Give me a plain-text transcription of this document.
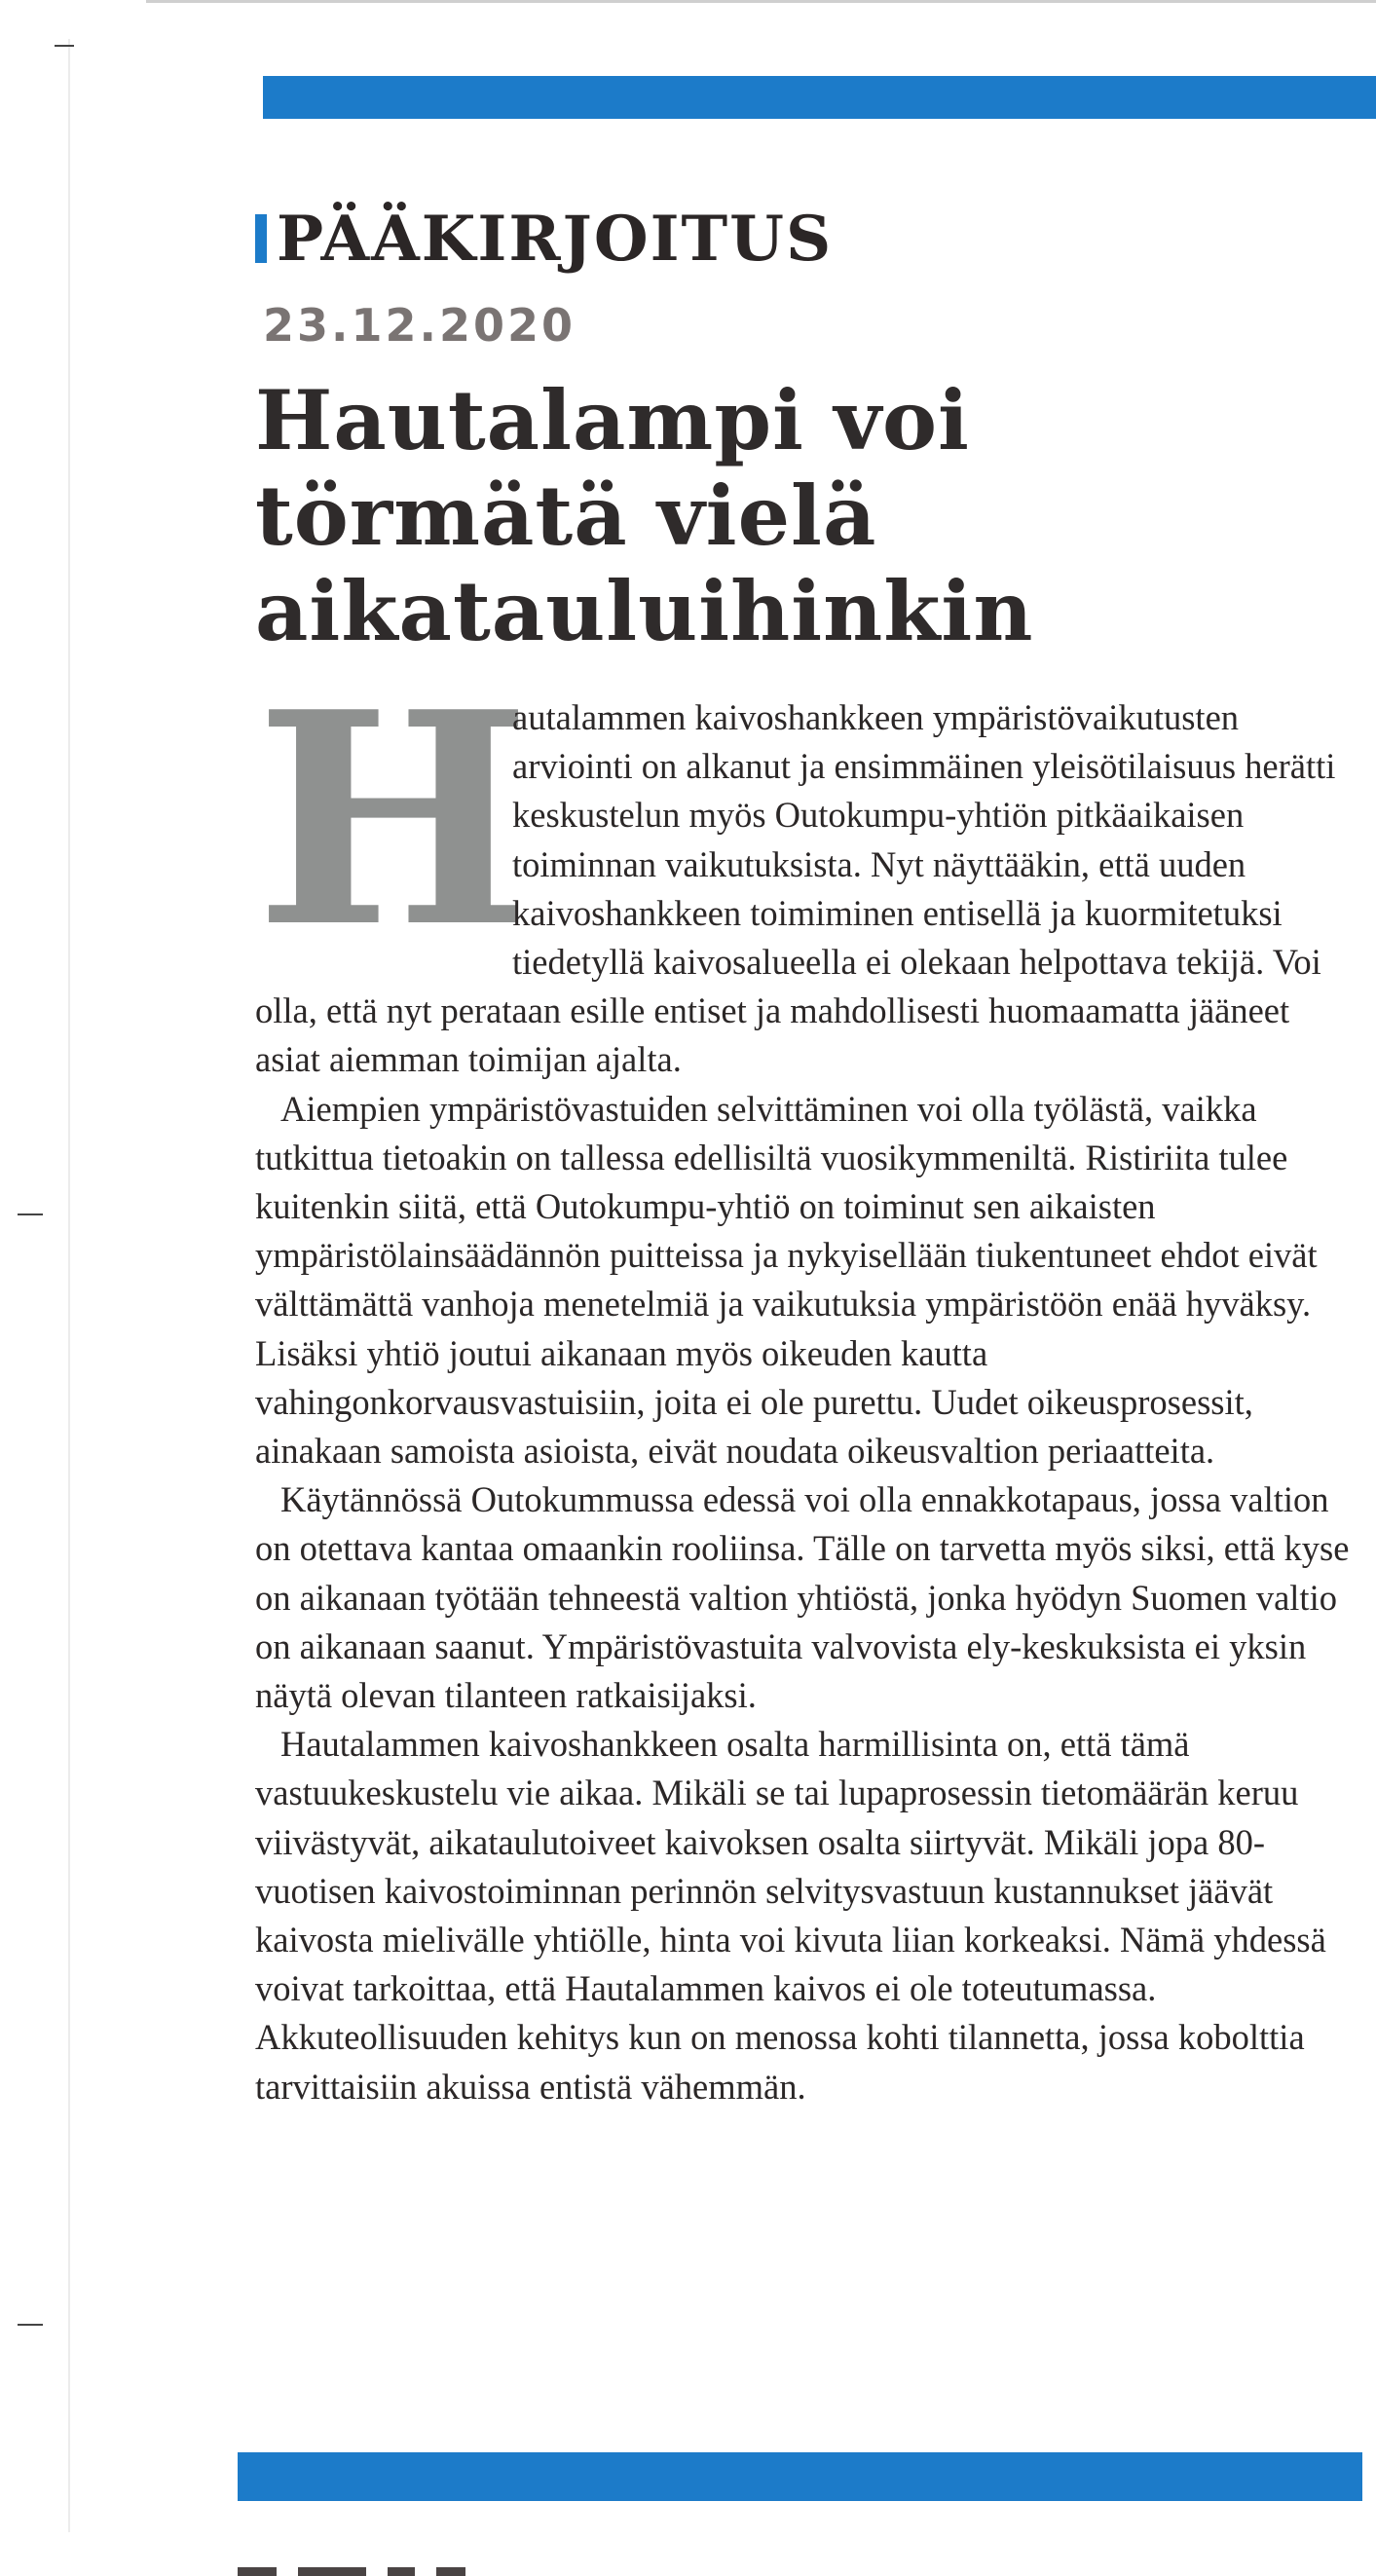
PÄÄKIRJOITUS
23.12.2020
Hautalampi voi
törmätä vielä
aikatauluihinkin

H
autalammen kaivoshankkeen ympäristövaikutusten arviointi on alkanut ja ensimmäinen yleisötilaisuus herätti keskustelun myös Outokumpu-yhtiön pitkäaikaisen toiminnan vaikutuksista. Nyt näyttääkin, että uuden kaivoshankkeen toimiminen entisellä ja kuormitetuksi tiedetyllä kaivosalueella ei olekaan helpottava tekijä. Voi olla, että nyt perataan esille entiset ja mahdollisesti huomaamatta jääneet asiat aiemman toimijan ajalta.

Aiempien ympäristövastuiden selvittäminen voi olla työlästä, vaikka tutkittua tietoakin on tallessa edellisiltä vuosikymmeniltä. Ristiriita tulee kuitenkin siitä, että Outokumpu-yhtiö on toiminut sen aikaisten ympäristölainsäädännön puitteissa ja nykyisellään tiukentuneet ehdot eivät välttämättä vanhoja menetelmiä ja vaikutuksia ympäristöön enää hyväksy. Lisäksi yhtiö joutui aikanaan myös oikeuden kautta vahingonkorvausvastuisiin, joita ei ole purettu. Uudet oikeusprosessit, ainakaan samoista asioista, eivät noudata oikeusvaltion periaatteita.

Käytännössä Outokummussa edessä voi olla ennakkotapaus, jossa valtion on otettava kantaa omaankin rooliinsa. Tälle on tarvetta myös siksi, että kyse on aikanaan työtään tehneestä valtion yhtiöstä, jonka hyödyn Suomen valtio on aikanaan saanut. Ympäristövastuita valvovista ely-keskuksista ei yksin näytä olevan tilanteen ratkaisijaksi.

Hautalammen kaivoshankkeen osalta harmillisinta on, että tämä vastuukeskustelu vie aikaa. Mikäli se tai lupaprosessin tietomäärän keruu viivästyvät, aikataulutoiveet kaivoksen osalta siirtyvät. Mikäli jopa 80-vuotisen kaivostoiminnan perinnön selvitysvastuun kustannukset jäävät kaivosta mielivälle yhtiölle, hinta voi kivuta liian korkeaksi. Nämä yhdessä voivat tarkoittaa, että Hautalammen kaivos ei ole toteutumassa. Akkuteollisuuden kehitys kun on menossa kohti tilannetta, jossa kobolttia tarvittaisiin akuissa entistä vähemmän.
